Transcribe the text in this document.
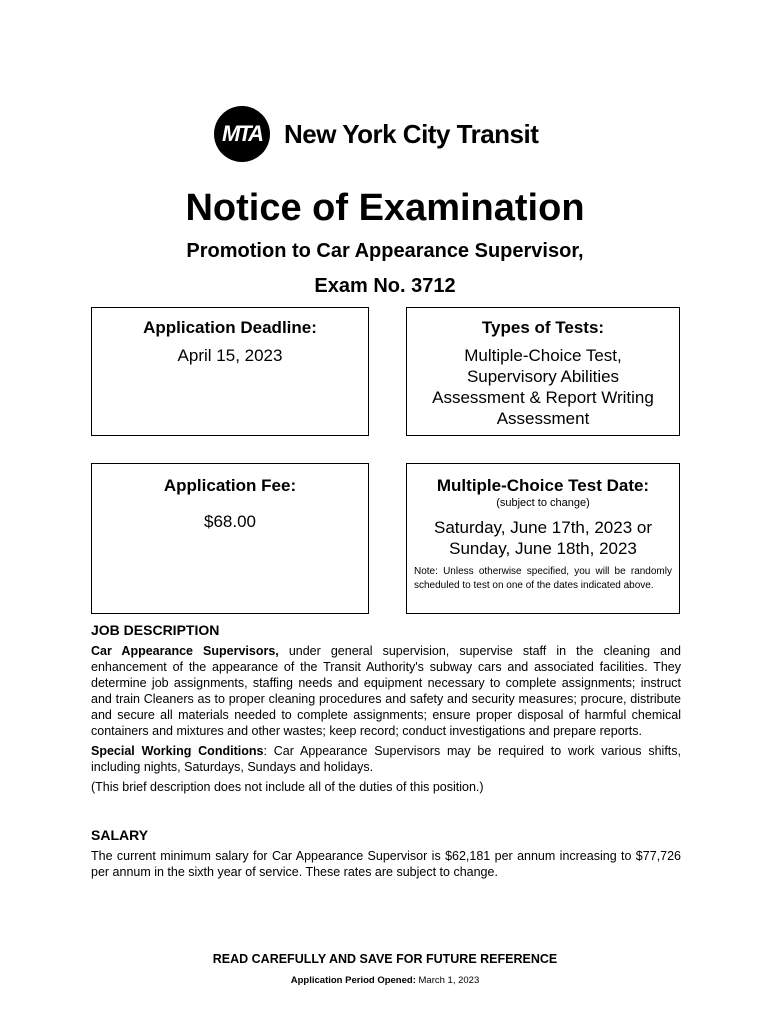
MTA New York City Transit
Notice of Examination
Promotion to Car Appearance Supervisor,
Exam No. 3712
Application Deadline:
April 15, 2023
Types of Tests:
Multiple-Choice Test,
Supervisory Abilities
Assessment & Report Writing
Assessment
Application Fee:
$68.00
Multiple-Choice Test Date:
(subject to change)
Saturday, June 17th, 2023 or
Sunday, June 18th, 2023
Note: Unless otherwise specified, you will be randomly scheduled to test on one of the dates indicated above.
JOB DESCRIPTION
Car Appearance Supervisors, under general supervision, supervise staff in the cleaning and enhancement of the appearance of the Transit Authority's subway cars and associated facilities. They determine job assignments, staffing needs and equipment necessary to complete assignments; instruct and train Cleaners as to proper cleaning procedures and safety and security measures; procure, distribute and secure all materials needed to complete assignments; ensure proper disposal of harmful chemical containers and mixtures and other wastes; keep record; conduct investigations and prepare reports.
Special Working Conditions: Car Appearance Supervisors may be required to work various shifts, including nights, Saturdays, Sundays and holidays.
(This brief description does not include all of the duties of this position.)
SALARY
The current minimum salary for Car Appearance Supervisor is $62,181 per annum increasing to $77,726 per annum in the sixth year of service. These rates are subject to change.
READ CAREFULLY AND SAVE FOR FUTURE REFERENCE
Application Period Opened: March 1, 2023
